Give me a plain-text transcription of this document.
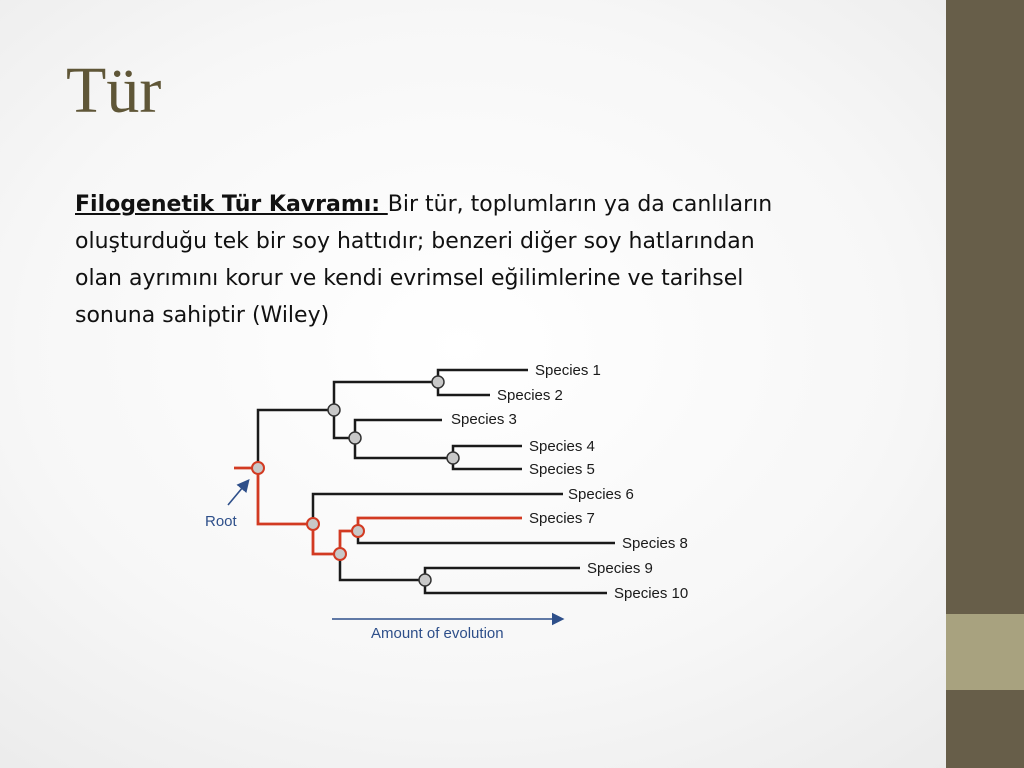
Tür

Filogenetik Tür Kavramı: Bir tür, toplumların ya da canlıların
oluşturduğu tek bir soy hattıdır; benzeri diğer soy hatlarından
olan ayrımını korur ve kendi evrimsel eğilimlerine ve tarihsel
sonuna sahiptir (Wiley)

Species 1
Species 2
Species 3
Species 4
Species 5
Species 6
Species 7
Species 8
Species 9
Species 10
Root
Amount of evolution
